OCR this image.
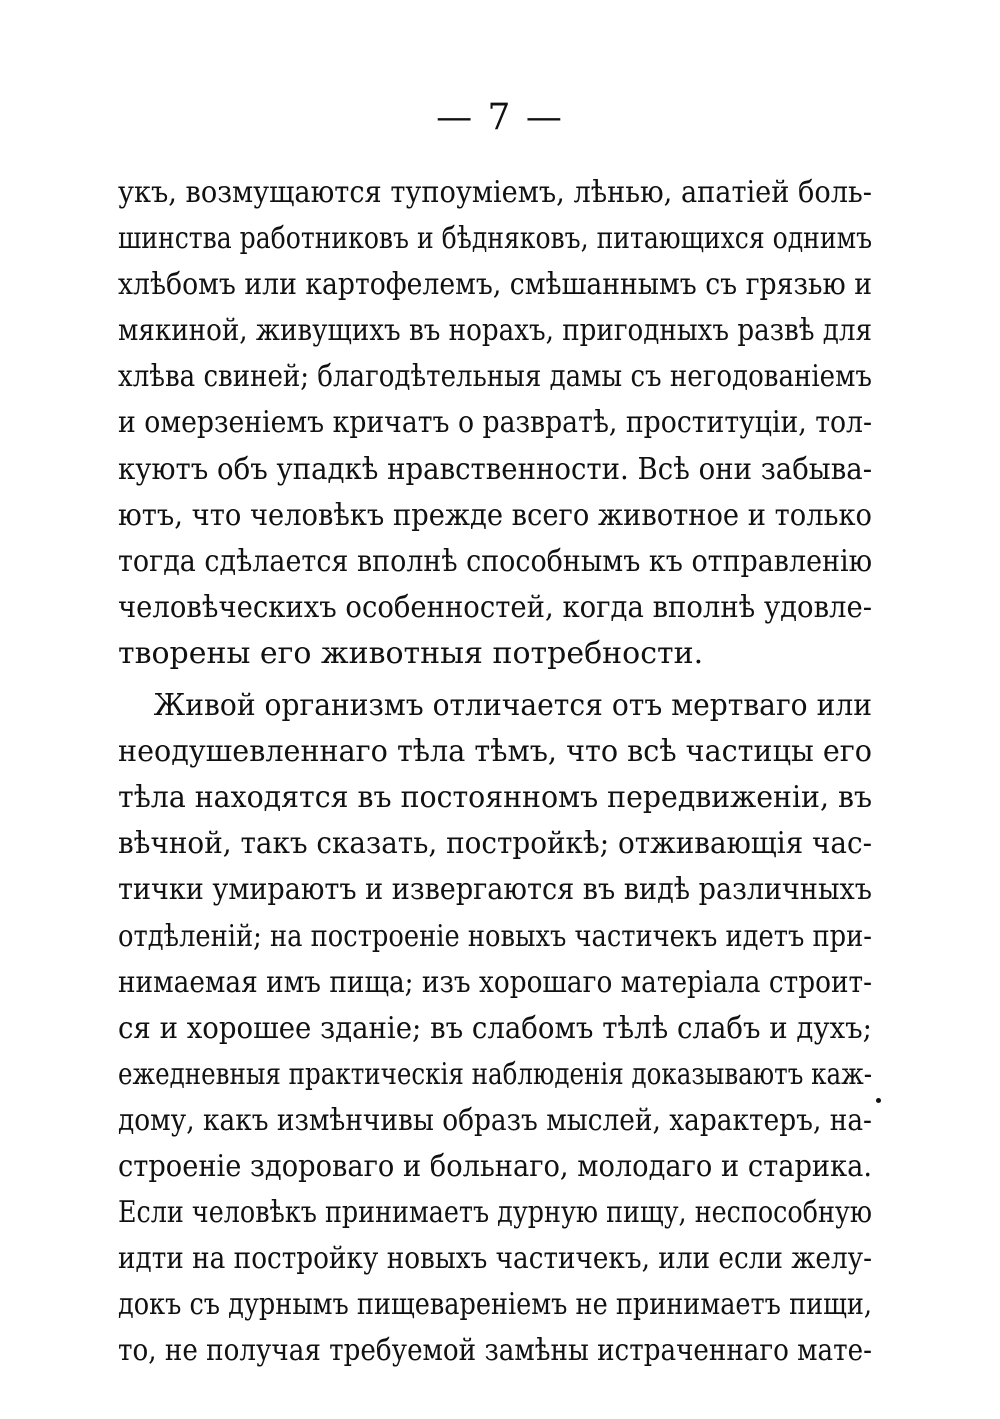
— 7 —
укъ, возмущаются тупоуміемъ, лѣнью, апатіей боль-
шинства работниковъ и бѣдняковъ, питающихся однимъ
хлѣбомъ или картофелемъ, смѣшаннымъ съ грязью и
мякиной, живущихъ въ норахъ, пригодныхъ развѣ для
хлѣва свиней; благодѣтельныя дамы съ негодованіемъ
и омерзеніемъ кричатъ о развратѣ, проституціи, тол-
куютъ объ упадкѣ нравственности. Всѣ они забыва-
ютъ, что человѣкъ прежде всего животное и только
тогда сдѣлается вполнѣ способнымъ къ отправленію
человѣческихъ особенностей, когда вполнѣ удовле-
творены его животныя потребности.
Живой организмъ отличается отъ мертваго или
неодушевленнаго тѣла тѣмъ, что всѣ частицы его
тѣла находятся въ постоянномъ передвиженіи, въ
вѣчной, такъ сказать, постройкѣ; отживающія час-
тички умираютъ и извергаются въ видѣ различныхъ
отдѣленій; на построеніе новыхъ частичекъ идетъ при-
нимаемая имъ пища; изъ хорошаго матеріала строит-
ся и хорошее зданіе; въ слабомъ тѣлѣ слабъ и духъ;
ежедневныя практическія наблюденія доказываютъ каж-
дому, какъ измѣнчивы образъ мыслей, характеръ, на-
строеніе здороваго и больнаго, молодаго и старика.
Если человѣкъ принимаетъ дурную пищу, неспособную
идти на постройку новыхъ частичекъ, или если желу-
докъ съ дурнымъ пищевареніемъ не принимаетъ пищи,
то, не получая требуемой замѣны истраченнаго мате-
